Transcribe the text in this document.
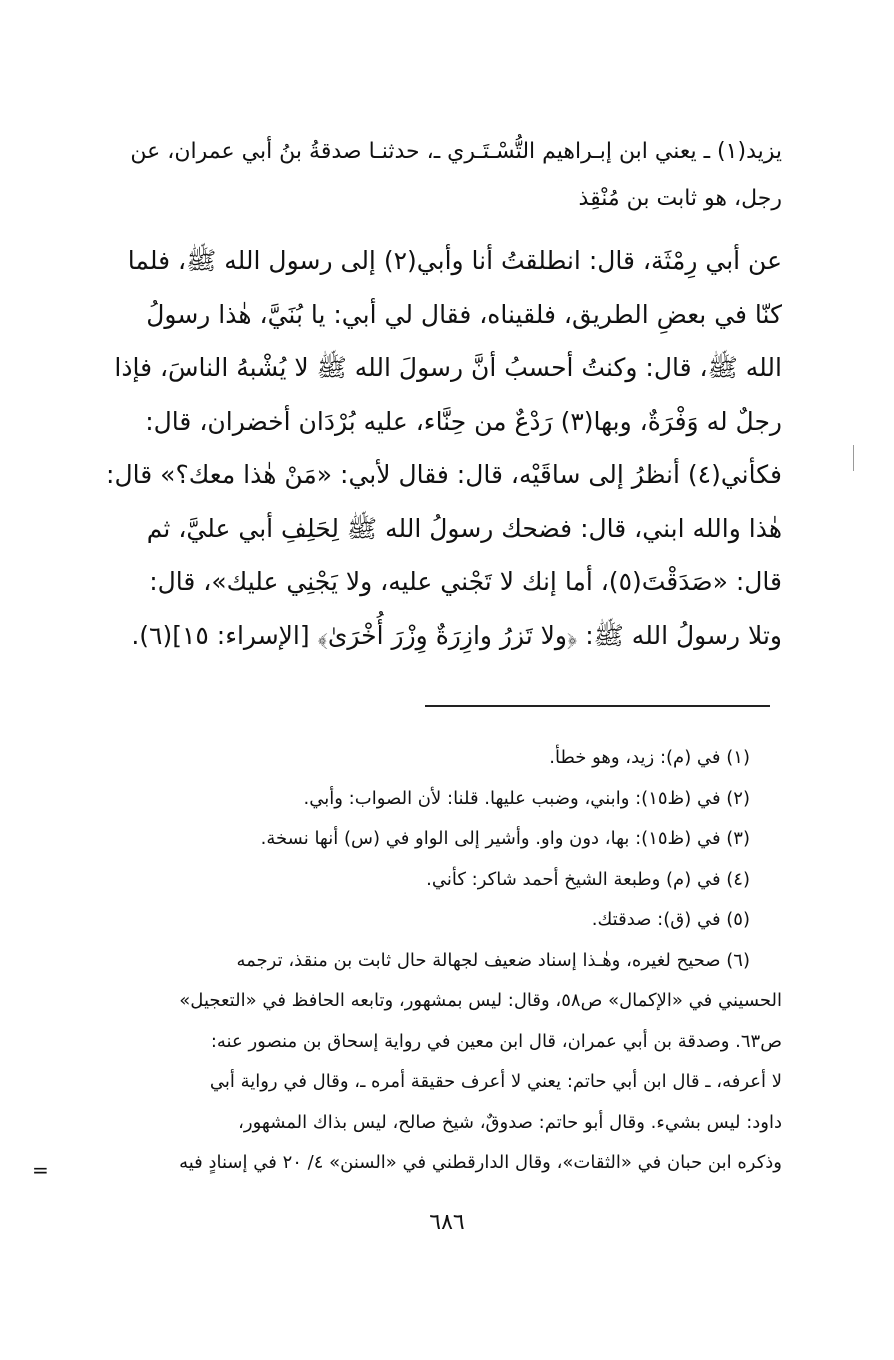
يزيد(١) ـ يعني ابن إبـراهيم التُّسْـتَـري ـ، حدثنـا صدقةُ بنُ أبي عمران، عن
رجل، هو ثابت بن مُنْقِذ
عن أبي رِمْثَة، قال: انطلقتُ أنا وأبي(٢) إلى رسول الله ﷺ، فلما
كنّا في بعضِ الطريق، فلقيناه، فقال لي أبي: يا بُنَيَّ، هٰذا رسولُ
الله ﷺ، قال: وكنتُ أحسبُ أنَّ رسولَ الله ﷺ لا يُشْبهُ الناسَ، فإذا
رجلٌ له وَفْرَةٌ، وبها(٣) رَدْعٌ من حِنَّاء، عليه بُرْدَان أخضران، قال:
فكأني(٤) أنظرُ إلى ساقَيْه، قال: فقال لأبي: «مَنْ هٰذا معك؟» قال:
هٰذا والله ابني، قال: فضحك رسولُ الله ﷺ لِحَلِفِ أبي عليَّ، ثم
قال: «صَدَقْتَ(٥)، أما إنك لا تَجْني عليه، ولا يَجْنِي عليك»، قال:
وتلا رسولُ الله ﷺ: ﴿ولا تَزرُ وازِرَةٌ وِزْرَ أُخْرَىٰ﴾ [الإسراء: ١٥](٦).
(١) في (م): زيد، وهو خطأ.
(٢) في (ظ١٥): وابني، وضبب عليها. قلنا: لأن الصواب: وأبي.
(٣) في (ظ١٥): بها، دون واو. وأشير إلى الواو في (س) أنها نسخة.
(٤) في (م) وطبعة الشيخ أحمد شاكر: كأني.
(٥) في (ق): صدقتك.
(٦) صحيح لغيره، وهٰـذا إسناد ضعيف لجهالة حال ثابت بن منقذ، ترجمه
الحسيني في «الإكمال» ص٥٨، وقال: ليس بمشهور، وتابعه الحافظ في «التعجيل»
ص٦٣. وصدقة بن أبي عمران، قال ابن معين في رواية إسحاق بن منصور عنه:
لا أعرفه، ـ قال ابن أبي حاتم: يعني لا أعرف حقيقة أمره ـ، وقال في رواية أبي
داود: ليس بشيء. وقال أبو حاتم: صدوقٌ، شيخ صالح، ليس بذاك المشهور،
وذكره ابن حبان في «الثقات»، وقال الدارقطني في «السنن» ٤/ ٢٠ في إسنادٍ فيه
=
٦٨٦
